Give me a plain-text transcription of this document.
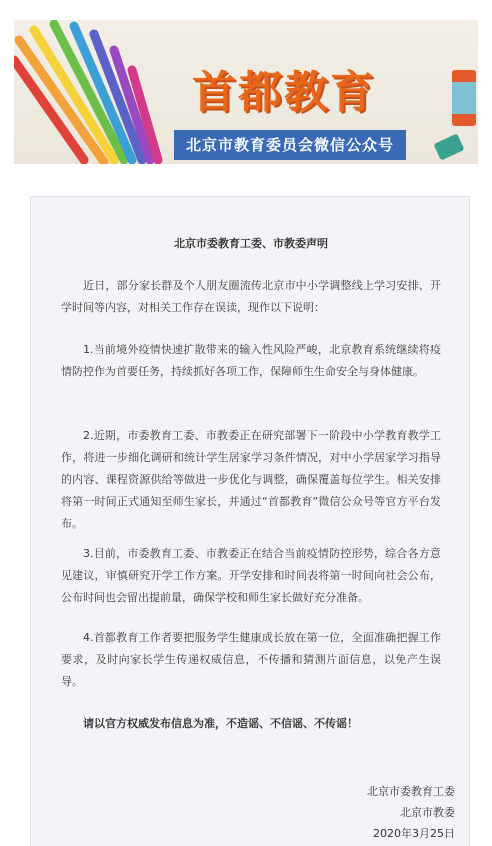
首都教育
北京市教育委员会微信公众号
北京市委教育工委、市教委声明

近日，部分家长群及个人朋友圈流传北京市中小学调整线上学习安排、开学时间等内容，对相关工作存在误读，现作以下说明：

1.当前境外疫情快速扩散带来的输入性风险严峻，北京教育系统继续将疫情防控作为首要任务，持续抓好各项工作，保障师生生命安全与身体健康。

2.近期，市委教育工委、市教委正在研究部署下一阶段中小学教育教学工作，将进一步细化调研和统计学生居家学习条件情况，对中小学居家学习指导的内容、课程资源供给等做进一步优化与调整，确保覆盖每位学生。相关安排将第一时间正式通知至师生家长，并通过“首都教育”微信公众号等官方平台发布。

3.目前，市委教育工委、市教委正在结合当前疫情防控形势，综合各方意见建议，审慎研究开学工作方案。开学安排和时间表将第一时间向社会公布，公布时间也会留出提前量，确保学校和师生家长做好充分准备。

4.首都教育工作者要把服务学生健康成长放在第一位，全面准确把握工作要求，及时向家长学生传递权威信息，不传播和猜测片面信息，以免产生误导。

请以官方权威发布信息为准，不造谣、不信谣、不传谣！
北京市委教育工委
北京市教委
2020年3月25日
